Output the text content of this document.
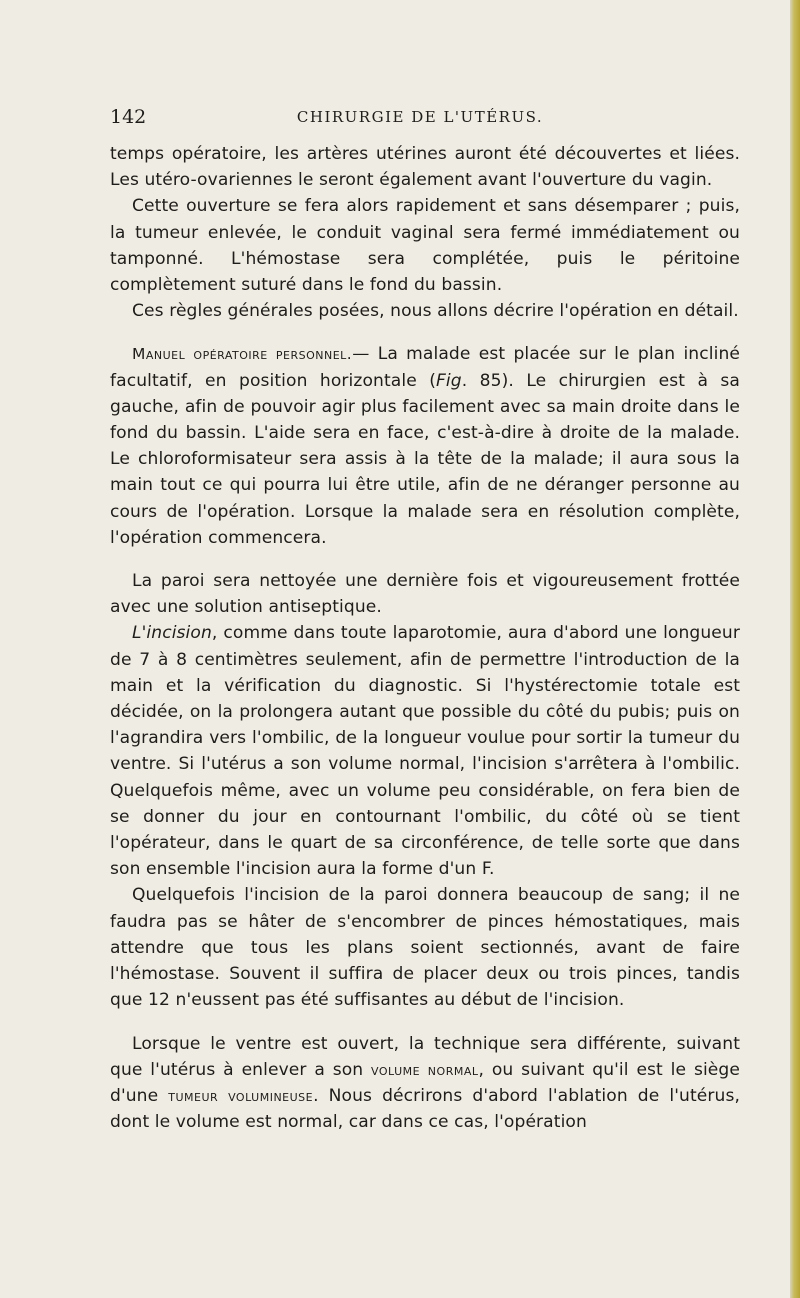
142	CHIRURGIE DE L'UTÉRUS.

temps opératoire, les artères utérines auront été découvertes et liées. Les utéro-ovariennes le seront également avant l'ouverture du vagin.

Cette ouverture se fera alors rapidement et sans désemparer ; puis, la tumeur enlevée, le conduit vaginal sera fermé immédiatement ou tamponné. L'hémostase sera complétée, puis le péritoine complètement suturé dans le fond du bassin.

Ces règles générales posées, nous allons décrire l'opération en détail.

Manuel opératoire personnel.— La malade est placée sur le plan incliné facultatif, en position horizontale (Fig. 85). Le chirurgien est à sa gauche, afin de pouvoir agir plus facilement avec sa main droite dans le fond du bassin. L'aide sera en face, c'est-à-dire à droite de la malade. Le chloroformisateur sera assis à la tête de la malade; il aura sous la main tout ce qui pourra lui être utile, afin de ne déranger personne au cours de l'opération. Lorsque la malade sera en résolution complète, l'opération commencera.

La paroi sera nettoyée une dernière fois et vigoureusement frottée avec une solution antiseptique.

L'incision, comme dans toute laparotomie, aura d'abord une longueur de 7 à 8 centimètres seulement, afin de permettre l'introduction de la main et la vérification du diagnostic. Si l'hystérectomie totale est décidée, on la prolongera autant que possible du côté du pubis; puis on l'agrandira vers l'ombilic, de la longueur voulue pour sortir la tumeur du ventre. Si l'utérus a son volume normal, l'incision s'arrêtera à l'ombilic. Quelquefois même, avec un volume peu considérable, on fera bien de se donner du jour en contournant l'ombilic, du côté où se tient l'opérateur, dans le quart de sa circonférence, de telle sorte que dans son ensemble l'incision aura la forme d'un F.

Quelquefois l'incision de la paroi donnera beaucoup de sang; il ne faudra pas se hâter de s'encombrer de pinces hémostatiques, mais attendre que tous les plans soient sectionnés, avant de faire l'hémostase. Souvent il suffira de placer deux ou trois pinces, tandis que 12 n'eussent pas été suffisantes au début de l'incision.

Lorsque le ventre est ouvert, la technique sera différente, suivant que l'utérus à enlever a son volume normal, ou suivant qu'il est le siège d'une tumeur volumineuse. Nous décrirons d'abord l'ablation de l'utérus, dont le volume est normal, car dans ce cas, l'opération
